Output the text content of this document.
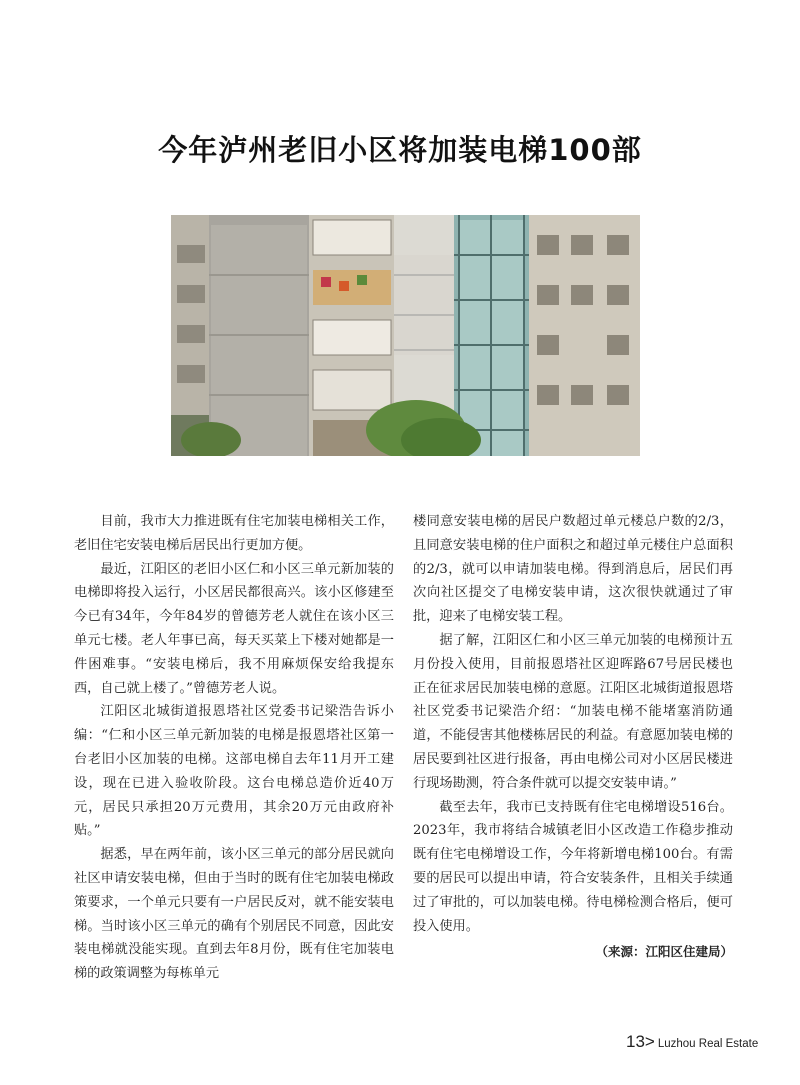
今年泸州老旧小区将加装电梯100部

目前，我市大力推进既有住宅加装电梯相关工作，老旧住宅安装电梯后居民出行更加方便。

最近，江阳区的老旧小区仁和小区三单元新加装的电梯即将投入运行，小区居民都很高兴。该小区修建至今已有34年，今年84岁的曾德芳老人就住在该小区三单元七楼。老人年事已高，每天买菜上下楼对她都是一件困难事。“安装电梯后，我不用麻烦保安给我提东西，自己就上楼了。”曾德芳老人说。

江阳区北城街道报恩塔社区党委书记梁浩告诉小编：“仁和小区三单元新加装的电梯是报恩塔社区第一台老旧小区加装的电梯。这部电梯自去年11月开工建设，现在已进入验收阶段。这台电梯总造价近40万元，居民只承担20万元费用，其余20万元由政府补贴。”

据悉，早在两年前，该小区三单元的部分居民就向社区申请安装电梯，但由于当时的既有住宅加装电梯政策要求，一个单元只要有一户居民反对，就不能安装电梯。当时该小区三单元的确有个别居民不同意，因此安装电梯就没能实现。直到去年8月份，既有住宅加装电梯的政策调整为每栋单元

楼同意安装电梯的居民户数超过单元楼总户数的2/3，且同意安装电梯的住户面积之和超过单元楼住户总面积的2/3，就可以申请加装电梯。得到消息后，居民们再次向社区提交了电梯安装申请，这次很快就通过了审批，迎来了电梯安装工程。

据了解，江阳区仁和小区三单元加装的电梯预计五月份投入使用，目前报恩塔社区迎晖路67号居民楼也正在征求居民加装电梯的意愿。江阳区北城街道报恩塔社区党委书记梁浩介绍：“加装电梯不能堵塞消防通道，不能侵害其他楼栋居民的利益。有意愿加装电梯的居民要到社区进行报备，再由电梯公司对小区居民楼进行现场勘测，符合条件就可以提交安装申请。”

截至去年，我市已支持既有住宅电梯增设516台。2023年，我市将结合城镇老旧小区改造工作稳步推动既有住宅电梯增设工作，今年将新增电梯100台。有需要的居民可以提出申请，符合安装条件，且相关手续通过了审批的，可以加装电梯。待电梯检测合格后，便可投入使用。

（来源：江阳区住建局）
13> Luzhou Real Estate
